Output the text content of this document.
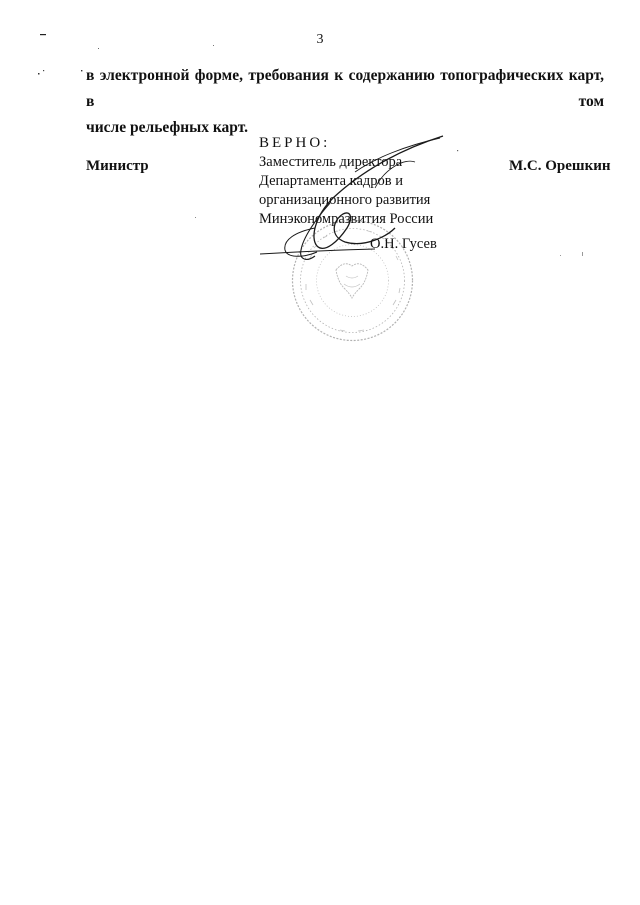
3
в электронной форме, требования к содержанию топографических карт, в том
числе рельефных карт.
Министр	М.С. Орешкин
ВЕРНО:
Заместитель директора
Департамента кадров и
организационного развития
Минэкономразвития России
О.Н. Гусев
